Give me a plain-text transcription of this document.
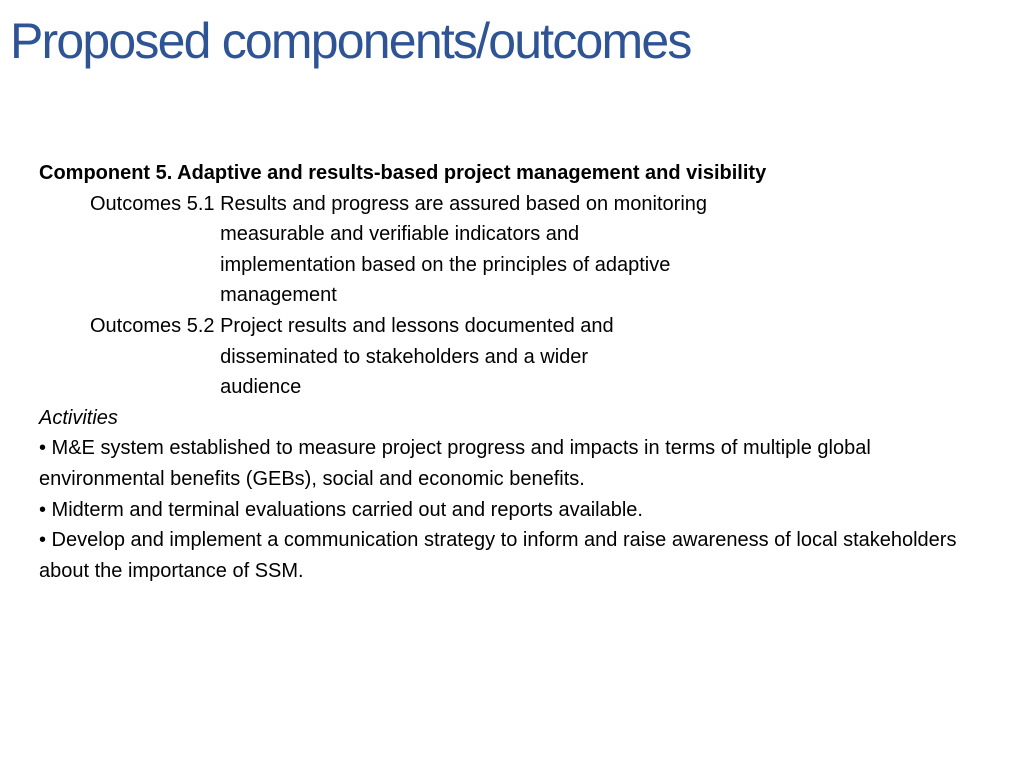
Proposed components/outcomes

Component 5. Adaptive and results-based project management and visibility

Outcomes 5.1
Results and progress are assured based on monitoring measurable and verifiable indicators and implementation based on the principles of adaptive management
Outcomes 5.2
Project results and lessons documented and disseminated to stakeholders and a wider audience

Activities

• M&E system established to measure project progress and impacts in terms of multiple global environmental benefits (GEBs), social and economic benefits.

• Midterm and terminal evaluations carried out and reports available.

• Develop and implement a communication strategy to inform and raise awareness of local stakeholders about the importance of SSM.
